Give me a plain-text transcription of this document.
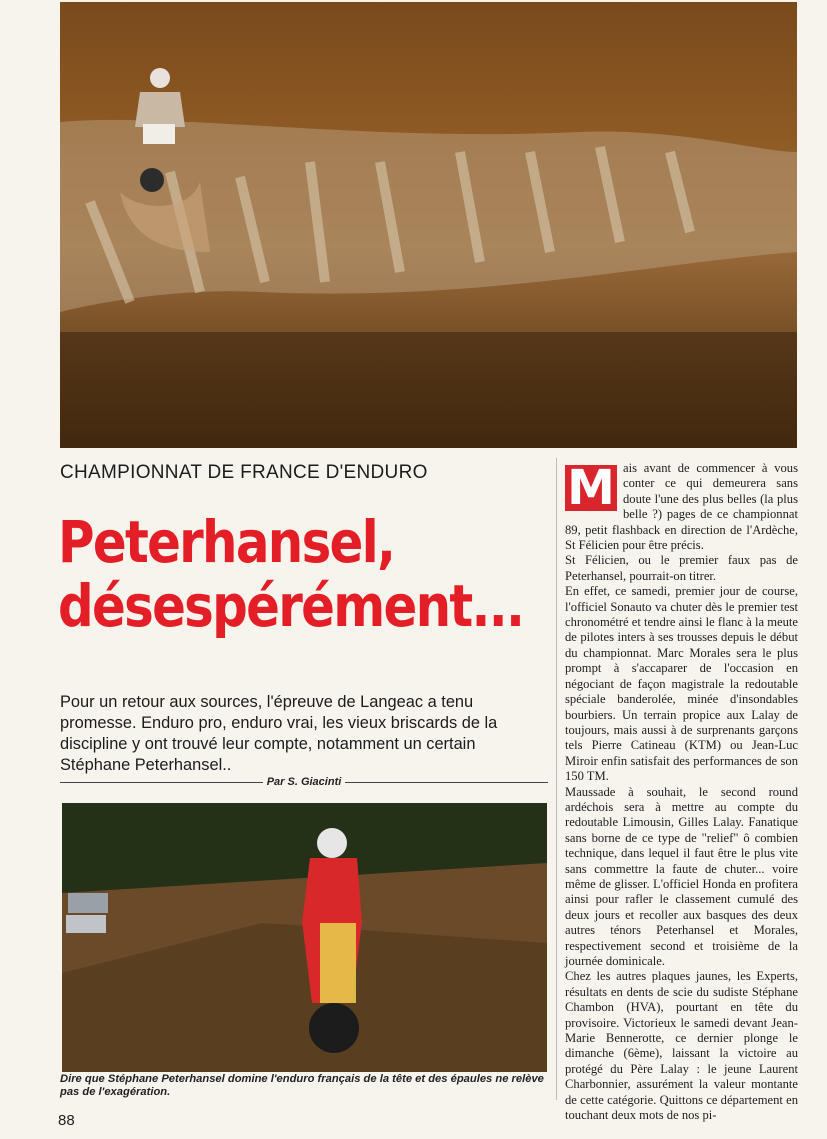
CHAMPIONNAT DE FRANCE D'ENDURO
Peterhansel,
désespérément...
Pour un retour aux sources, l'épreuve de Langeac a tenu promesse. Enduro pro, enduro vrai, les vieux briscards de la discipline y ont trouvé leur compte, notamment un certain Stéphane Peterhansel..
Par S. Giacinti
Dire que Stéphane Peterhansel domine l'enduro français de la tête et des épaules ne relève pas de l'exagération.
88
M ais avant de commencer à vous conter ce qui demeurera sans doute l'une des plus belles (la plus belle ?) pages de ce championnat 89, petit flashback en direction de l'Ardèche, St Félicien pour être précis.

St Félicien, ou le premier faux pas de Peterhansel, pourrait-on titrer.

En effet, ce samedi, premier jour de course, l'officiel Sonauto va chuter dès le premier test chronométré et tendre ainsi le flanc à la meute de pilotes inters à ses trousses depuis le début du championnat. Marc Morales sera le plus prompt à s'accaparer de l'occasion en négociant de façon magistrale la redoutable spéciale banderolée, minée d'insondables bourbiers. Un terrain propice aux Lalay de toujours, mais aussi à de surprenants garçons tels Pierre Catineau (KTM) ou Jean-Luc Miroir enfin satisfait des performances de son 150 TM.

Maussade à souhait, le second round ardéchois sera à mettre au compte du redoutable Limousin, Gilles Lalay. Fanatique sans borne de ce type de "relief" ô combien technique, dans lequel il faut être le plus vite sans commettre la faute de chuter... voire même de glisser. L'officiel Honda en profitera ainsi pour rafler le classement cumulé des deux jours et recoller aux basques des deux autres ténors Peterhansel et Morales, respectivement second et troisième de la journée dominicale.

Chez les autres plaques jaunes, les Experts, résultats en dents de scie du sudiste Stéphane Chambon (HVA), pourtant en tête du provisoire. Victorieux le samedi devant Jean-Marie Bennerotte, ce dernier plonge le dimanche (6ème), laissant la victoire au protégé du Père Lalay : le jeune Laurent Charbonnier, assurément la valeur montante de cette catégorie. Quittons ce département en touchant deux mots de nos pi-
